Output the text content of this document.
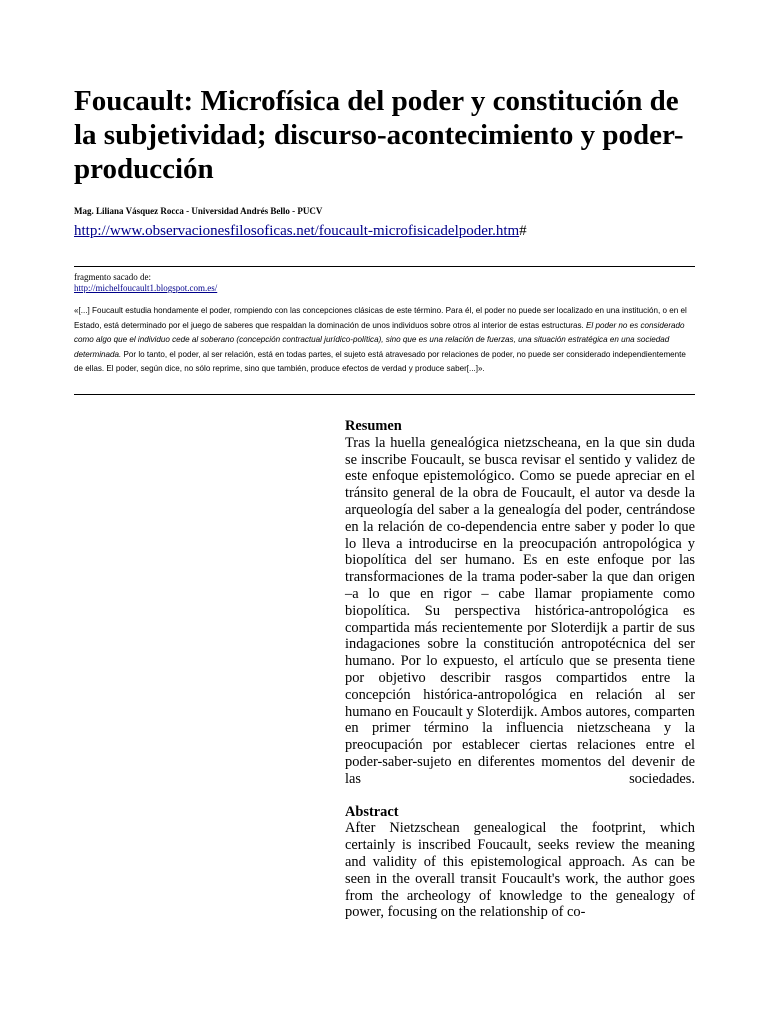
Foucault: Microfísica del poder y constitución de la subjetividad; discurso-acontecimiento y poder-producción
Mag. Liliana Vásquez Rocca - Universidad Andrés Bello - PUCV
http://www.observacionesfilosoficas.net/foucault-microfisicadelpoder.htm#
fragmento sacado de:
http://michelfoucault1.blogspot.com.es/

«[...] Foucault estudia hondamente el poder, rompiendo con las concepciones clásicas de este término. Para él, el poder no puede ser localizado en una institución, o en el Estado, está determinado por el juego de saberes que respaldan la dominación de unos individuos sobre otros al interior de estas estructuras. El poder no es considerado como algo que el individuo cede al soberano (concepción contractual jurídico-política), sino que es una relación de fuerzas, una situación estratégica en una sociedad determinada. Por lo tanto, el poder, al ser relación, está en todas partes, el sujeto está atravesado por relaciones de poder, no puede ser considerado independientemente de ellas. El poder, según dice, no sólo reprime, sino que también, produce efectos de verdad y produce saber[...]».

Resumen

Tras la huella genealógica nietzscheana, en la que sin duda se inscribe Foucault, se busca revisar el sentido y validez de este enfoque epistemológico. Como se puede apreciar en el tránsito general de la obra de Foucault, el autor va desde la arqueología del saber a la genealogía del poder, centrándose en la relación de co-dependencia entre saber y poder lo que lo lleva a introducirse en la preocupación antropológica y biopolítica del ser humano. Es en este enfoque por las transformaciones de la trama poder-saber la que dan origen –a lo que en rigor – cabe llamar propiamente como biopolítica. Su perspectiva histórica-antropológica es compartida más recientemente por Sloterdijk a partir de sus indagaciones sobre la constitución antropotécnica del ser humano. Por lo expuesto, el artículo que se presenta tiene por objetivo describir rasgos compartidos entre la concepción histórica-antropológica en relación al ser humano en Foucault y Sloterdijk. Ambos autores, comparten en primer término la influencia nietzscheana y la preocupación por establecer ciertas relaciones entre el poder-saber-sujeto en diferentes momentos del devenir de las sociedades.

Abstract

After Nietzschean genealogical the footprint, which certainly is inscribed Foucault, seeks review the meaning and validity of this epistemological approach. As can be seen in the overall transit Foucault's work, the author goes from the archeology of knowledge to the genealogy of power, focusing on the relationship of co-
